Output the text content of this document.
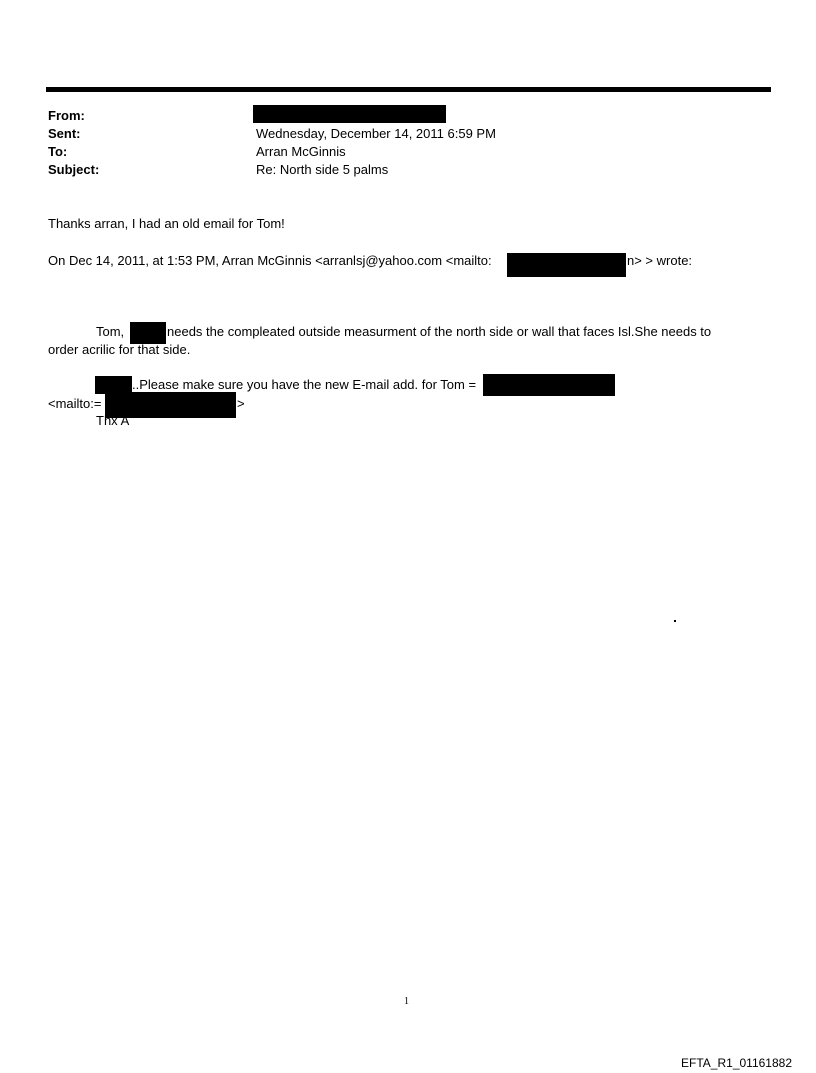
From:
Sent:	Wednesday, December 14, 2011 6:59 PM
To:	Arran McGinnis
Subject:	Re: North side 5 palms
Thanks arran, I had an old email for Tom!
On Dec 14, 2011, at 1:53 PM, Arran McGinnis <arranlsj@yahoo.com <mailto:	n> > wrote:
Tom,	needs the compleated outside measurment of the north side or wall that faces Isl.She needs to
order acrilic for that side.
..Please make sure you have the new E-mail add. for Tom =
<mailto:=	>
Thx A
1
EFTA_R1_01161882
